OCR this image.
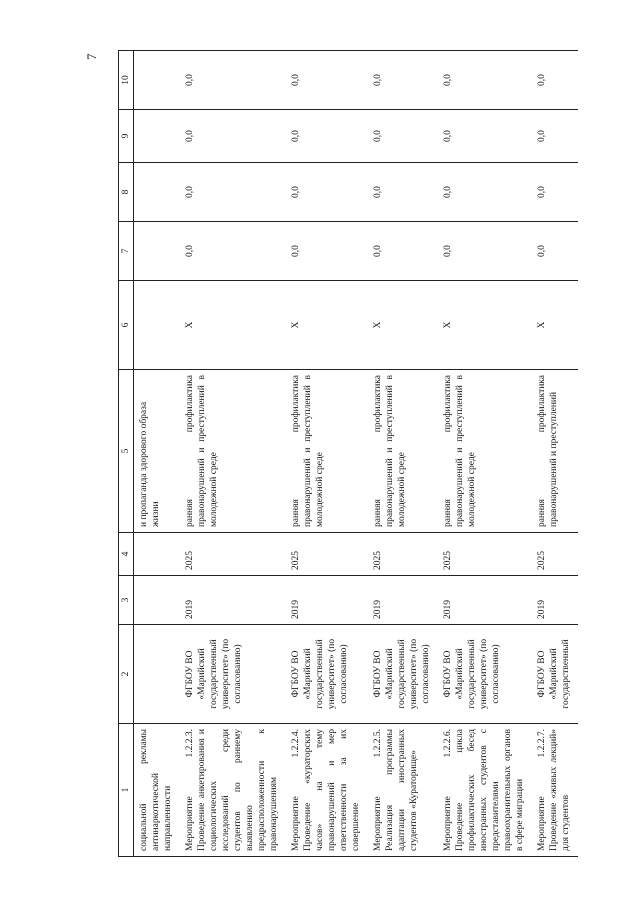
7
1	2	3	4	5	6	7	8	9	10
социальной рекламы антинаркотической направленности				и пропаганда здорового образа жизни					
Мероприятие 1.2.2.3. Проведение анкетирования и социологических исследований среди студентов по раннему выявлению предрасположенности к правонарушениям	ФГБОУ ВО «Марийский государственный университет» (по согласованию)	2019	2025	ранняя профилактика правонарушений и преступлений в молодежной среде	X	0,0	0,0	0,0	0,0
Мероприятие 1.2.2.4. Проведение «кураторских часов» на тему правонарушений и мер ответственности за их совершение	ФГБОУ ВО «Марийский государственный университет» (по согласованию)	2019	2025	ранняя профилактика правонарушений и преступлений в молодежной среде	X	0,0	0,0	0,0	0,0
Мероприятие 1.2.2.5. Реализация программы адаптации иностранных студентов «Кураторище»	ФГБОУ ВО «Марийский государственный университет» (по согласованию)	2019	2025	ранняя профилактика правонарушений и преступлений в молодежной среде	X	0,0	0,0	0,0	0,0
Мероприятие 1.2.2.6. Проведение цикла профилактических бесед иностранных студентов с представителями правоохранительных органов в сфере миграции	ФГБОУ ВО «Марийский государственный университет» (по согласованию)	2019	2025	ранняя профилактика правонарушений и преступлений в молодежной среде	X	0,0	0,0	0,0	0,0
Мероприятие 1.2.2.7. Проведение «живых лекций» для студентов	ФГБОУ ВО «Марийский государственный	2019	2025	ранняя профилактика правонарушений и преступлений	X	0,0	0,0	0,0	0,0
